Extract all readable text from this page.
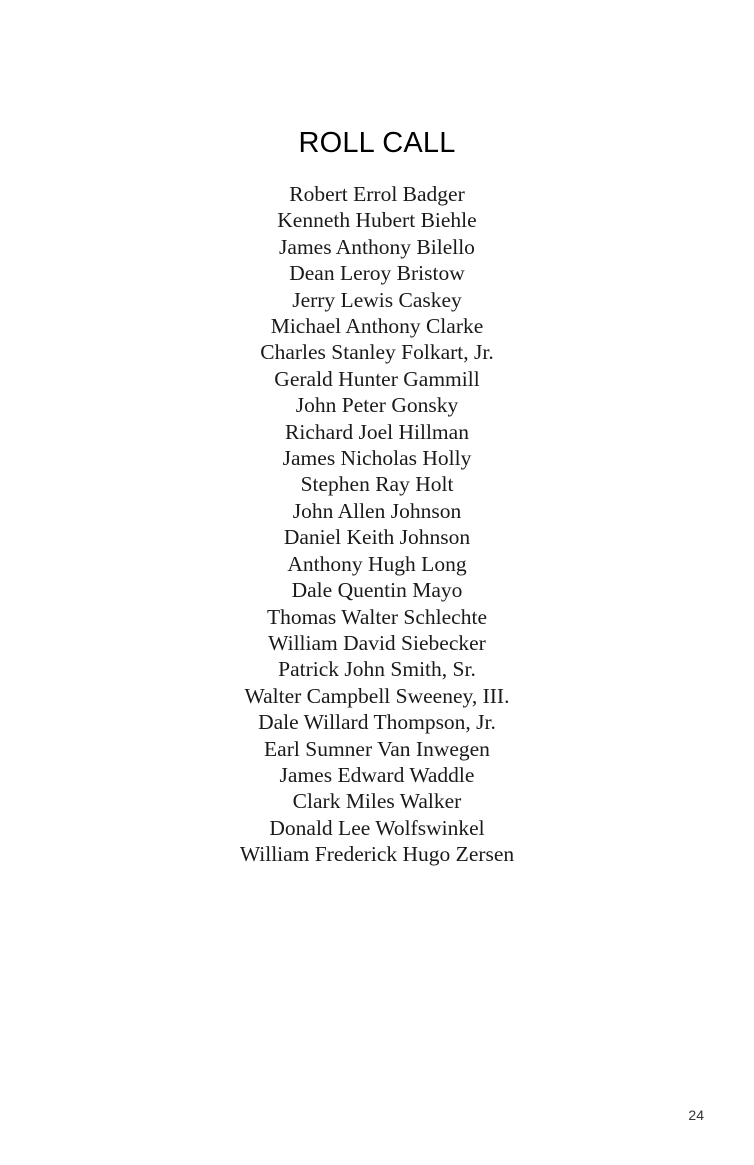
ROLL CALL
Robert Errol Badger
Kenneth Hubert Biehle
James Anthony Bilello
Dean Leroy Bristow
Jerry Lewis Caskey
Michael Anthony Clarke
Charles Stanley Folkart, Jr.
Gerald Hunter Gammill
John Peter Gonsky
Richard Joel Hillman
James Nicholas Holly
Stephen Ray Holt
John Allen Johnson
Daniel Keith Johnson
Anthony Hugh Long
Dale Quentin Mayo
Thomas Walter Schlechte
William David Siebecker
Patrick John Smith, Sr.
Walter Campbell Sweeney, III.
Dale Willard Thompson, Jr.
Earl Sumner Van Inwegen
James Edward Waddle
Clark Miles Walker
Donald Lee Wolfswinkel
William Frederick Hugo Zersen
24
